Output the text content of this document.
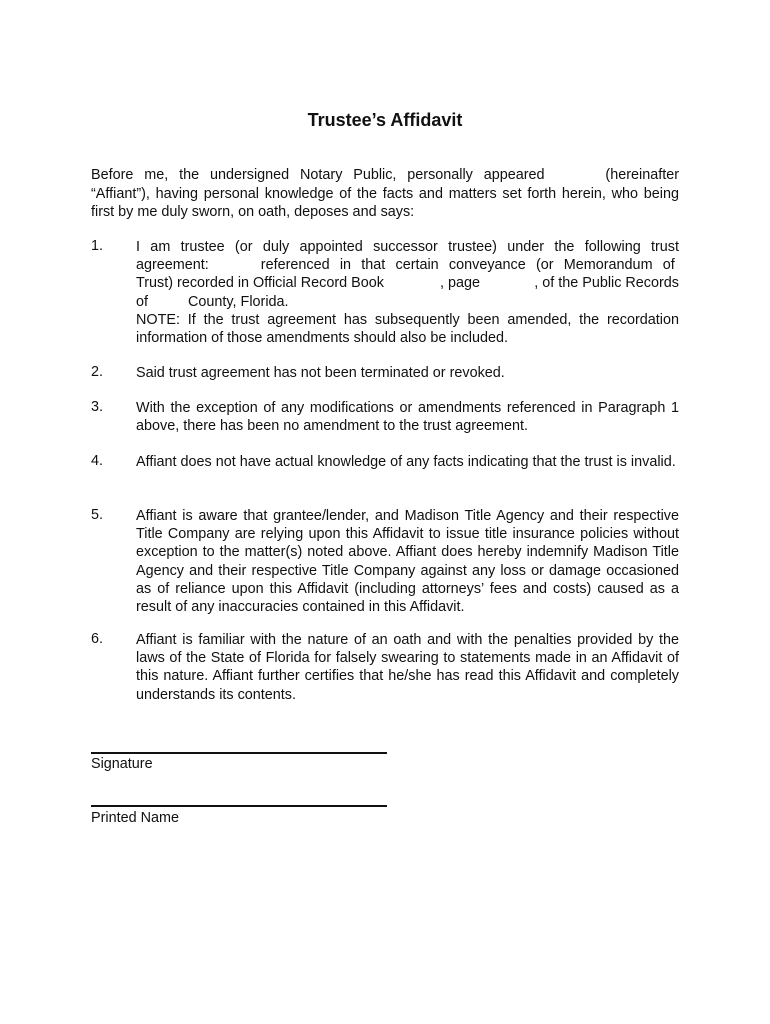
Trustee’s Affidavit
Before me, the undersigned Notary Public, personally appeared	(hereinafter “Affiant”), having personal knowledge of the facts and matters set forth herein, who being first by me duly sworn, on oath, deposes and says:
1. I am trustee (or duly appointed successor trustee) under the following trust
agreement:	referenced in that certain conveyance (or Memorandum of
Trust) recorded in Official Record Book	, page	, of the Public Records
of	County, Florida.
NOTE: If the trust agreement has subsequently been amended, the recordation information of those amendments should also be included.
2. Said trust agreement has not been terminated or revoked.
3. With the exception of any modifications or amendments referenced in Paragraph 1 above, there has been no amendment to the trust agreement.
4. Affiant does not have actual knowledge of any facts indicating that the trust is invalid.
5. Affiant is aware that grantee/lender, and Madison Title Agency and their respective Title Company are relying upon this Affidavit to issue title insurance policies without exception to the matter(s) noted above. Affiant does hereby indemnify Madison Title Agency and their respective Title Company against any loss or damage occasioned as of reliance upon this Affidavit (including attorneys’ fees and costs) caused as a result of any inaccuracies contained in this Affidavit.
6. Affiant is familiar with the nature of an oath and with the penalties provided by the laws of the State of Florida for falsely swearing to statements made in an Affidavit of this nature. Affiant further certifies that he/she has read this Affidavit and completely understands its contents.
Signature
Printed Name
